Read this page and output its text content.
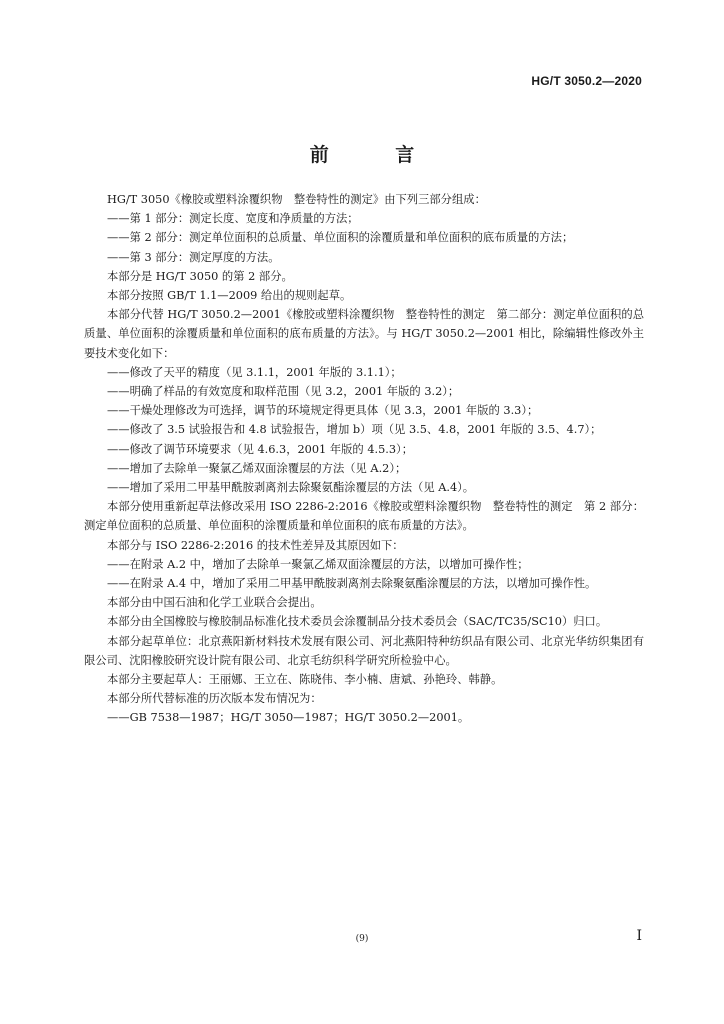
HG/T 3050.2—2020
前 言

HG/T 3050《橡胶或塑料涂覆织物　整卷特性的测定》由下列三部分组成：

——第 1 部分：测定长度、宽度和净质量的方法；

——第 2 部分：测定单位面积的总质量、单位面积的涂覆质量和单位面积的底布质量的方法；

——第 3 部分：测定厚度的方法。

本部分是 HG/T 3050 的第 2 部分。

本部分按照 GB/T 1.1—2009 给出的规则起草。

本部分代替 HG/T 3050.2—2001《橡胶或塑料涂覆织物　整卷特性的测定　第二部分：测定单位面积的总质量、单位面积的涂覆质量和单位面积的底布质量的方法》。与 HG/T 3050.2—2001 相比，除编辑性修改外主要技术变化如下：

——修改了天平的精度（见 3.1.1，2001 年版的 3.1.1）；

——明确了样品的有效宽度和取样范围（见 3.2，2001 年版的 3.2）；

——干燥处理修改为可选择，调节的环境规定得更具体（见 3.3，2001 年版的 3.3）；

——修改了 3.5 试验报告和 4.8 试验报告，增加 b）项（见 3.5、4.8，2001 年版的 3.5、4.7）；

——修改了调节环境要求（见 4.6.3，2001 年版的 4.5.3）；

——增加了去除单一聚氯乙烯双面涂覆层的方法（见 A.2）；

——增加了采用二甲基甲酰胺剥离剂去除聚氨酯涂覆层的方法（见 A.4）。

本部分使用重新起草法修改采用 ISO 2286-2:2016《橡胶或塑料涂覆织物　整卷特性的测定　第 2 部分：测定单位面积的总质量、单位面积的涂覆质量和单位面积的底布质量的方法》。

本部分与 ISO 2286-2:2016 的技术性差异及其原因如下：

——在附录 A.2 中，增加了去除单一聚氯乙烯双面涂覆层的方法，以增加可操作性；

——在附录 A.4 中，增加了采用二甲基甲酰胺剥离剂去除聚氨酯涂覆层的方法，以增加可操作性。

本部分由中国石油和化学工业联合会提出。

本部分由全国橡胶与橡胶制品标准化技术委员会涂覆制品分技术委员会（SAC/TC35/SC10）归口。

本部分起草单位：北京燕阳新材料技术发展有限公司、河北燕阳特种纺织品有限公司、北京光华纺织集团有限公司、沈阳橡胶研究设计院有限公司、北京毛纺织科学研究所检验中心。

本部分主要起草人：王丽娜、王立在、陈晓伟、李小楠、唐斌、孙艳玲、韩静。

本部分所代替标准的历次版本发布情况为：

——GB 7538—1987；HG/T 3050—1987；HG/T 3050.2—2001。

(9)	I
